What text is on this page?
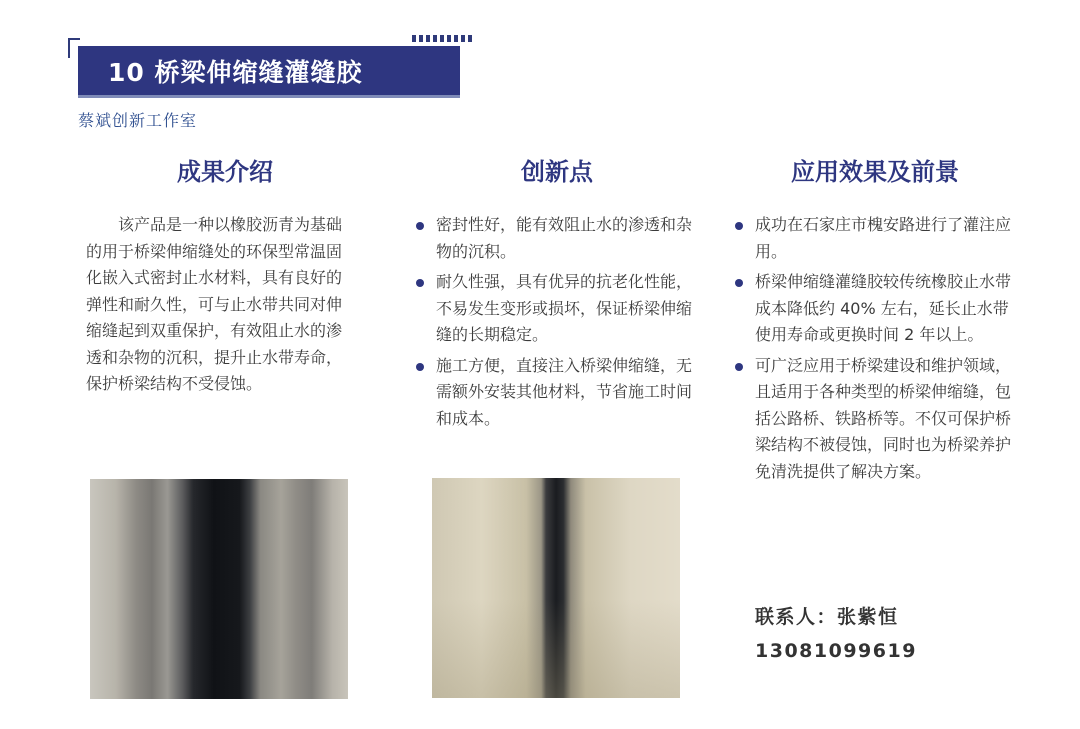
10 桥梁伸缩缝灌缝胶
蔡斌创新工作室
成果介绍	创新点	应用效果及前景
该产品是一种以橡胶沥青为基础的用于桥梁伸缩缝处的环保型常温固化嵌入式密封止水材料，具有良好的弹性和耐久性，可与止水带共同对伸缩缝起到双重保护，有效阻止水的渗透和杂物的沉积，提升止水带寿命，保护桥梁结构不受侵蚀。
密封性好，能有效阻止水的渗透和杂物的沉积。
耐久性强，具有优异的抗老化性能，不易发生变形或损坏，保证桥梁伸缩缝的长期稳定。
施工方便，直接注入桥梁伸缩缝，无需额外安装其他材料，节省施工时间和成本。
成功在石家庄市槐安路进行了灌注应用。
桥梁伸缩缝灌缝胶较传统橡胶止水带成本降低约 40% 左右，延长止水带使用寿命或更换时间 2 年以上。
可广泛应用于桥梁建设和维护领域，且适用于各种类型的桥梁伸缩缝，包括公路桥、铁路桥等。不仅可保护桥梁结构不被侵蚀，同时也为桥梁养护免清洗提供了解决方案。
联系人：张紫恒
13081099619
